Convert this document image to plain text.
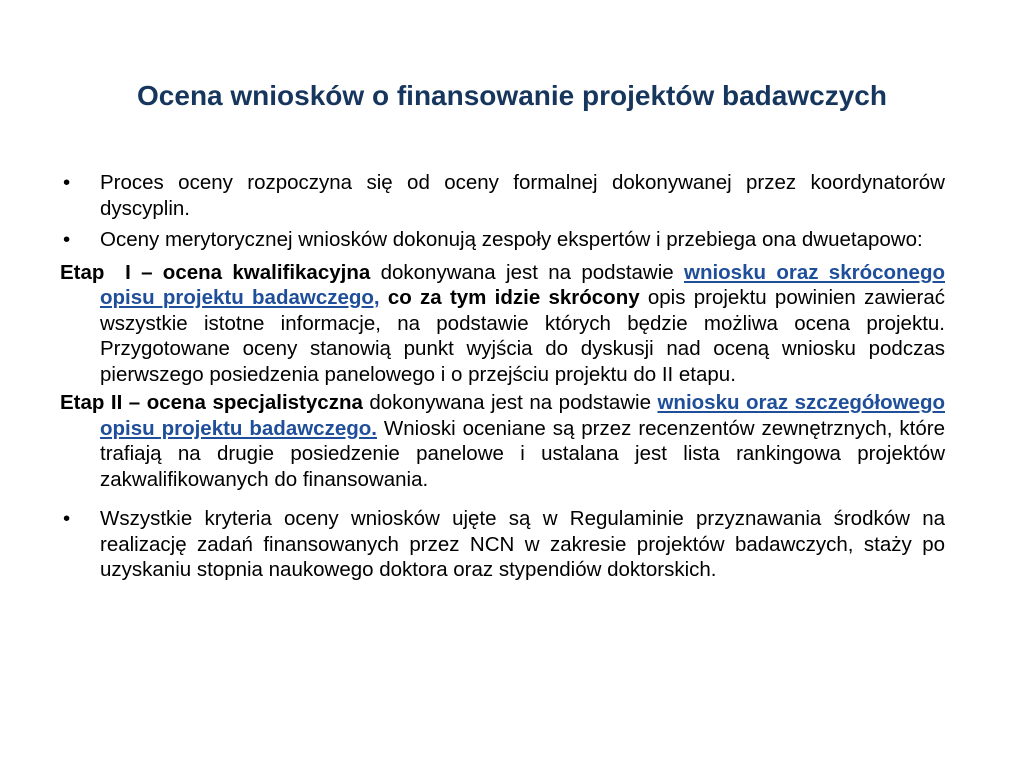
Ocena wniosków o finansowanie projektów badawczych
•	Proces oceny rozpoczyna się od oceny formalnej dokonywanej przez koordynatorów dyscyplin.
•	Oceny merytorycznej wniosków dokonują zespoły ekspertów i przebiega ona dwuetapowo:
Etap  I – ocena kwalifikacyjna dokonywana jest na podstawie wniosku oraz skróconego opisu projektu badawczego, co za tym idzie skrócony opis projektu powinien zawierać wszystkie istotne informacje, na podstawie których będzie możliwa ocena projektu. Przygotowane oceny stanowią punkt wyjścia do dyskusji nad oceną wniosku podczas pierwszego posiedzenia panelowego i o przejściu projektu do II etapu.
Etap II – ocena specjalistyczna dokonywana jest na podstawie wniosku oraz szczegółowego opisu projektu badawczego. Wnioski oceniane są przez recenzentów zewnętrznych, które trafiają na drugie posiedzenie panelowe i ustalana jest lista rankingowa projektów zakwalifikowanych do finansowania.
•	Wszystkie kryteria oceny wniosków ujęte są w Regulaminie przyznawania środków na realizację zadań finansowanych przez NCN w zakresie projektów badawczych, staży po uzyskaniu stopnia naukowego doktora oraz stypendiów doktorskich.
